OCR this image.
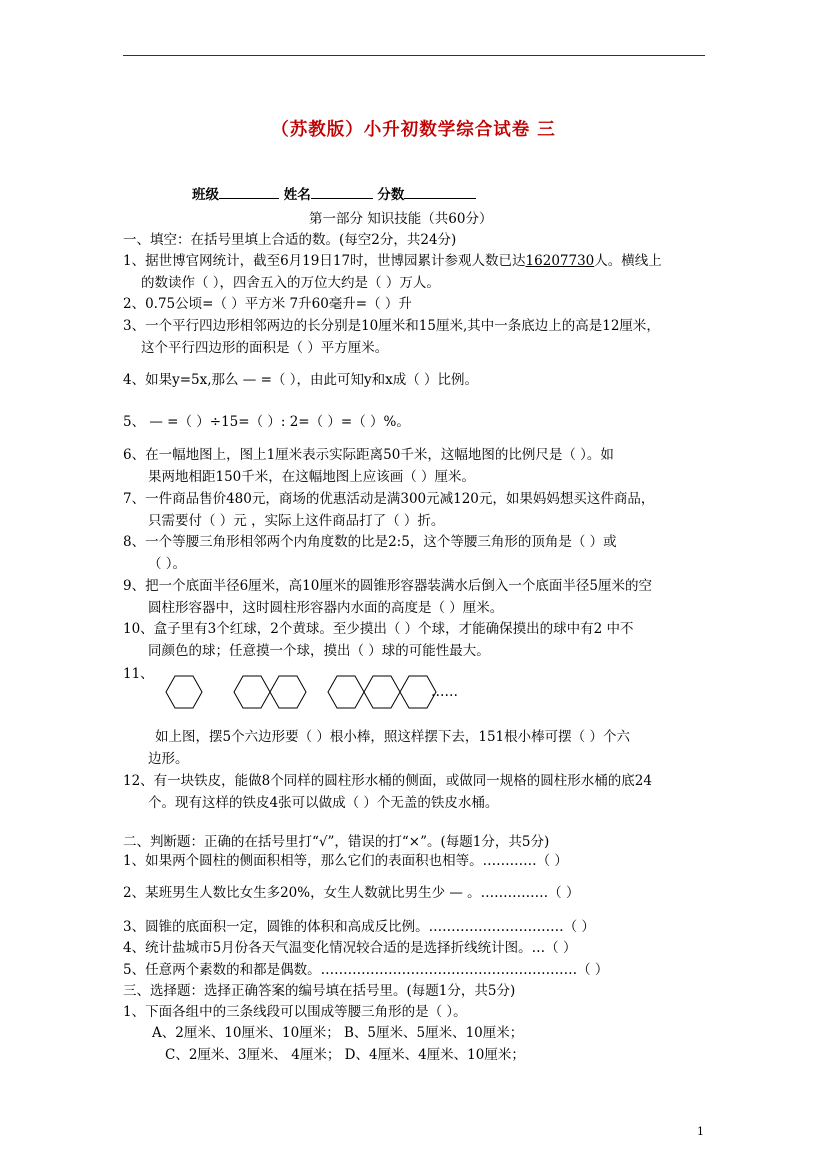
（苏教版）小升初数学综合试卷 三
班级	姓名	分数
第一部分 知识技能（共60分）
一、填空：在括号里填上合适的数。(每空2分，共24分)
1、据世博官网统计，截至6月19日17时，世博园累计参观人数已达16207730人。横线上
的数读作（ ），四舍五入的万位大约是（ ）万人。
2、0.75公顷=（ ）平方米 7升60毫升=（ ）升
3、一个平行四边形相邻两边的长分别是10厘米和15厘米,其中一条底边上的高是12厘米，
这个平行四边形的面积是（ ）平方厘米。
4、如果y=5x,那么 — =（ ），由此可知y和x成（ ）比例。
5、 — =（ ）÷15=（ ）: 2=（ ）=（ ）%。
6、在一幅地图上，图上1厘米表示实际距离50千米，这幅地图的比例尺是（ ）。如
果两地相距150千米，在这幅地图上应该画（ ）厘米。
7、一件商品售价480元，商场的优惠活动是满300元减120元，如果妈妈想买这件商品，
只需要付（ ）元 ，实际上这件商品打了（ ）折。
8、一个等腰三角形相邻两个内角度数的比是2:5，这个等腰三角形的顶角是（ ）或
（ ）。
9、把一个底面半径6厘米，高10厘米的圆锥形容器装满水后倒入一个底面半径5厘米的空
圆柱形容器中，这时圆柱形容器内水面的高度是（ ）厘米。
10、盒子里有3个红球，2个黄球。至少摸出（ ）个球，才能确保摸出的球中有2 中不
同颜色的球；任意摸一个球，摸出（ ）球的可能性最大。
11、
……
如上图，摆5个六边形要（ ）根小棒，照这样摆下去，151根小棒可摆（ ）个六
边形。
12、有一块铁皮，能做8个同样的圆柱形水桶的侧面，或做同一规格的圆柱形水桶的底24
个。现有这样的铁皮4张可以做成（ ）个无盖的铁皮水桶。
二、判断题：正确的在括号里打“√”，错误的打“×”。(每题1分，共5分)
1、如果两个圆柱的侧面积相等，那么它们的表面积也相等。…………（ ）
2、某班男生人数比女生多20%，女生人数就比男生少 — 。……………（ ）
3、圆锥的底面积一定，圆锥的体积和高成反比例。…………………………（ ）
4、统计盐城市5月份各天气温变化情况较合适的是选择折线统计图。…（ ）
5、任意两个素数的和都是偶数。…………………………………………………（ ）
三、选择题：选择正确答案的编号填在括号里。(每题1分，共5分)
1、下面各组中的三条线段可以围成等腰三角形的是（ ）。
A、2厘米、10厘米、10厘米； B、5厘米、5厘米、10厘米；
C、2厘米、3厘米、 4厘米； D、4厘米、4厘米、10厘米；
1
